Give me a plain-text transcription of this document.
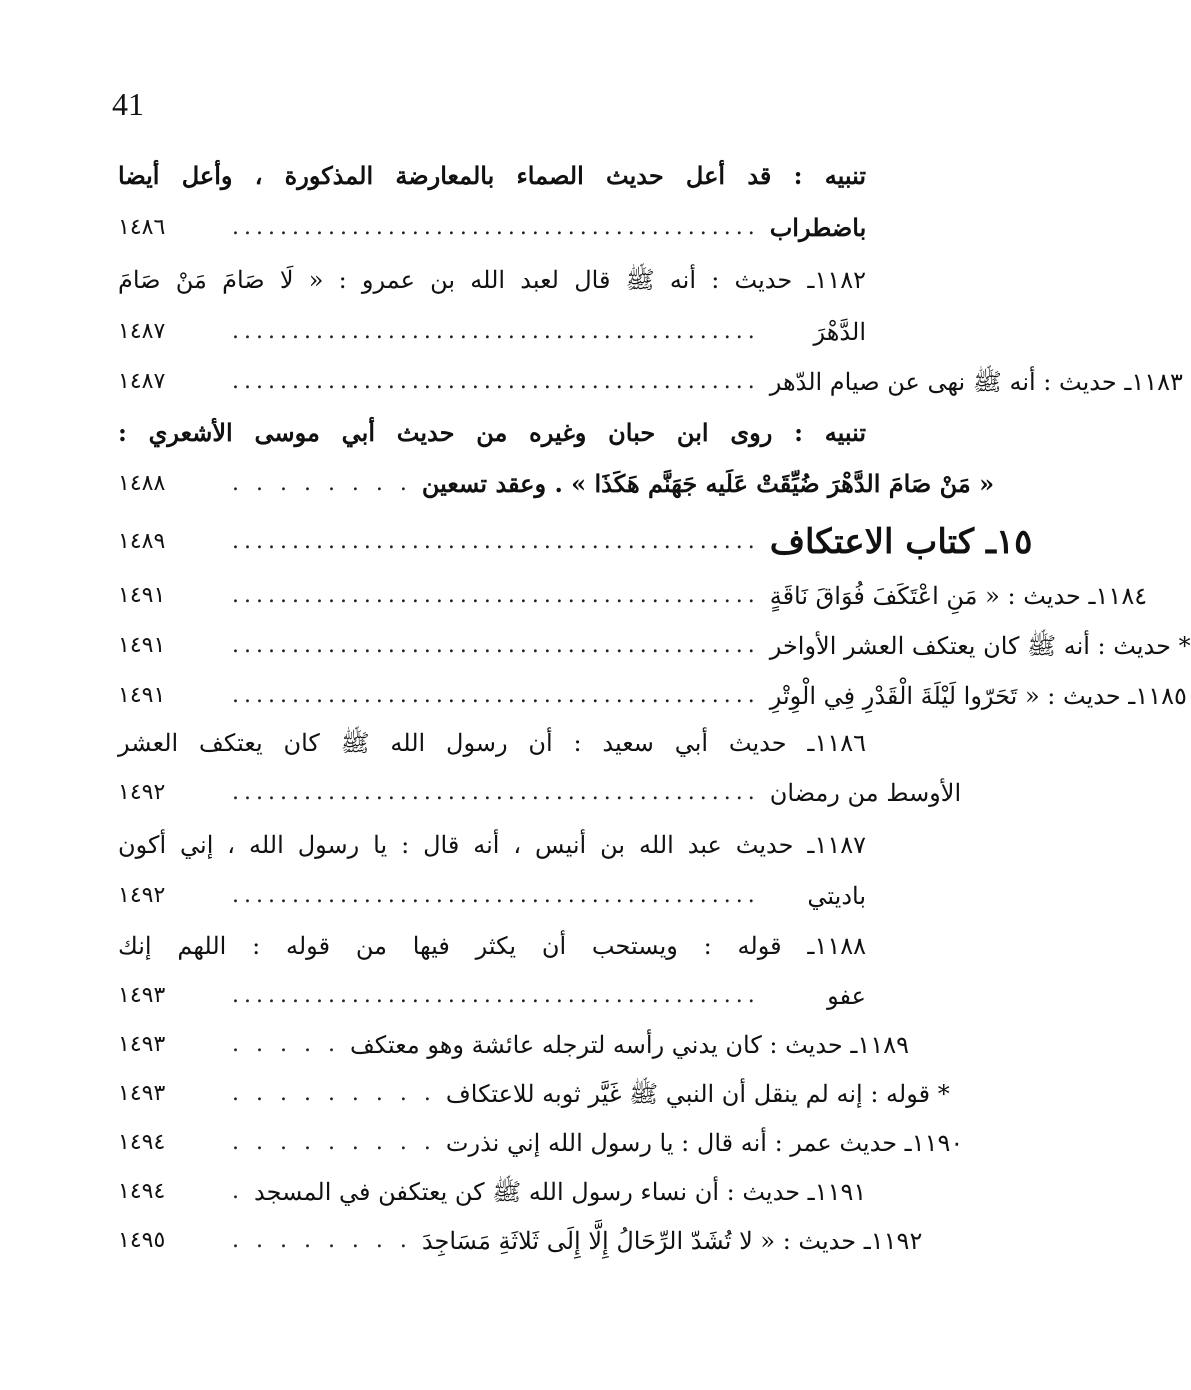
41
تنبيه : قد أعل حديث الصماء بالمعارضة المذكورة ، وأعل أيضا
١٤٨٦	............................................ باضطراب
١١٨٢ـ حديث : أنه ﷺ قال لعبد الله بن عمرو : « لَا صَامَ مَنْ صَامَ
١٤٨٧	............................................	الدَّهْرَ
١٤٨٧	............................................ ١١٨٣ـ حديث : أنه ﷺ نهى عن صيام الدّهر
تنبيه : روى ابن حبان وغيره من حديث أبي موسى الأشعري :
١٤٨٨	. . . . . . . . « مَنْ صَامَ الدَّهْرَ ضُيِّقَتْ عَلَيه جَهَنَّم هَكَذَا » . وعقد تسعين
١٤٨٩	............................................ ١٥ـ كتاب الاعتكاف
١٤٩١	............................................ ١١٨٤ـ حديث : « مَنِ اعْتَكَفَ فُوَاقَ نَاقَةٍ
١٤٩١	............................................ * حديث : أنه ﷺ كان يعتكف العشر الأواخر
١٤٩١	............................................ ١١٨٥ـ حديث : « تَحَرّوا لَيْلَةَ الْقَدْرِ فِي الْوِتْرِ
١١٨٦ـ حديث أبي سعيد : أن رسول الله ﷺ كان يعتكف العشر
١٤٩٢	............................................ الأوسط من رمضان
١١٨٧ـ حديث عبد الله بن أنيس ، أنه قال : يا رسول الله ، إني أكون
١٤٩٢	............................................	باديتي
١١٨٨ـ قوله : ويستحب أن يكثر فيها من قوله : اللهم إنك
١٤٩٣	............................................	عفو
١٤٩٣	. . . . . ١١٨٩ـ حديث : كان يدني رأسه لترجله عائشة وهو معتكف
١٤٩٣	. . . . . . . . . * قوله : إنه لم ينقل أن النبي ﷺ غَيَّر ثوبه للاعتكاف
١٤٩٤	. . . . . . . . . ١١٩٠ـ حديث عمر : أنه قال : يا رسول الله إني نذرت
١٤٩٤	. ١١٩١ـ حديث : أن نساء رسول الله ﷺ كن يعتكفن في المسجد
١٤٩٥	. . . . . . . . ١١٩٢ـ حديث : « لا تُشَدّ الرِّحَالُ إِلَّا إِلَى ثَلاثَةِ مَسَاجِدَ
